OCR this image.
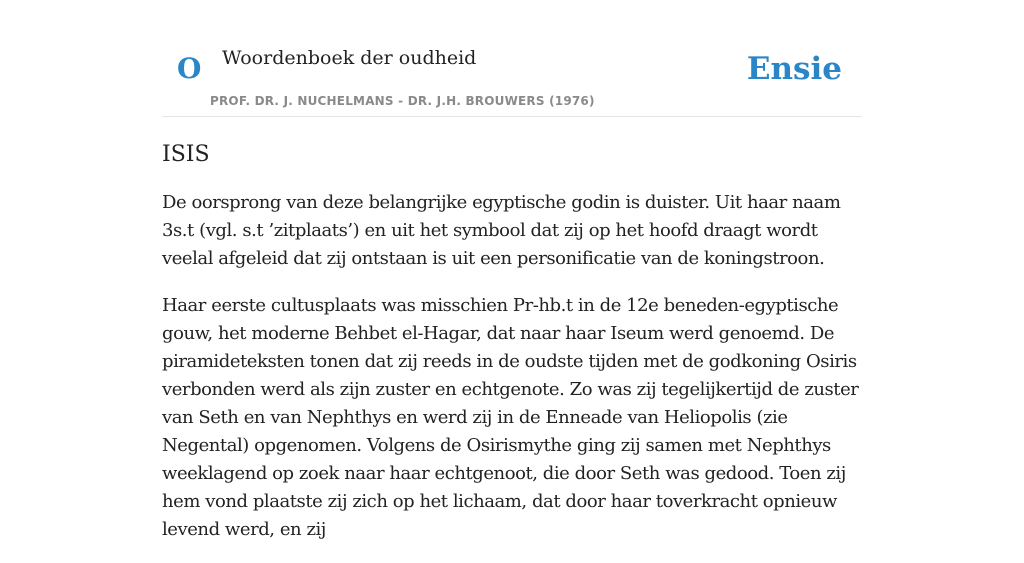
O Woordenboek der oudheid
PROF. DR. J. NUCHELMANS - DR. J.H. BROUWERS (1976)
Ensie
ISIS

De oorsprong van deze belangrijke egyptische godin is duister. Uit haar naam 3s.t (vgl. s.t ’zitplaats’) en uit het symbool dat zij op het hoofd draagt wordt veelal afgeleid dat zij ontstaan is uit een personificatie van de koningstroon.

Haar eerste cultusplaats was misschien Pr-hb.t in de 12e beneden-egyptische gouw, het moderne Behbet el-Hagar, dat naar haar Iseum werd genoemd. De piramideteksten tonen dat zij reeds in de oudste tijden met de godkoning Osiris verbonden werd als zijn zuster en echtgenote. Zo was zij tegelijkertijd de zuster van Seth en van Nephthys en werd zij in de Enneade van Heliopolis (zie Negental) opgenomen. Volgens de Osirismythe ging zij samen met Nephthys weeklagend op zoek naar haar echtgenoot, die door Seth was gedood. Toen zij hem vond plaatste zij zich op het lichaam, dat door haar toverkracht opnieuw levend werd, en zij
